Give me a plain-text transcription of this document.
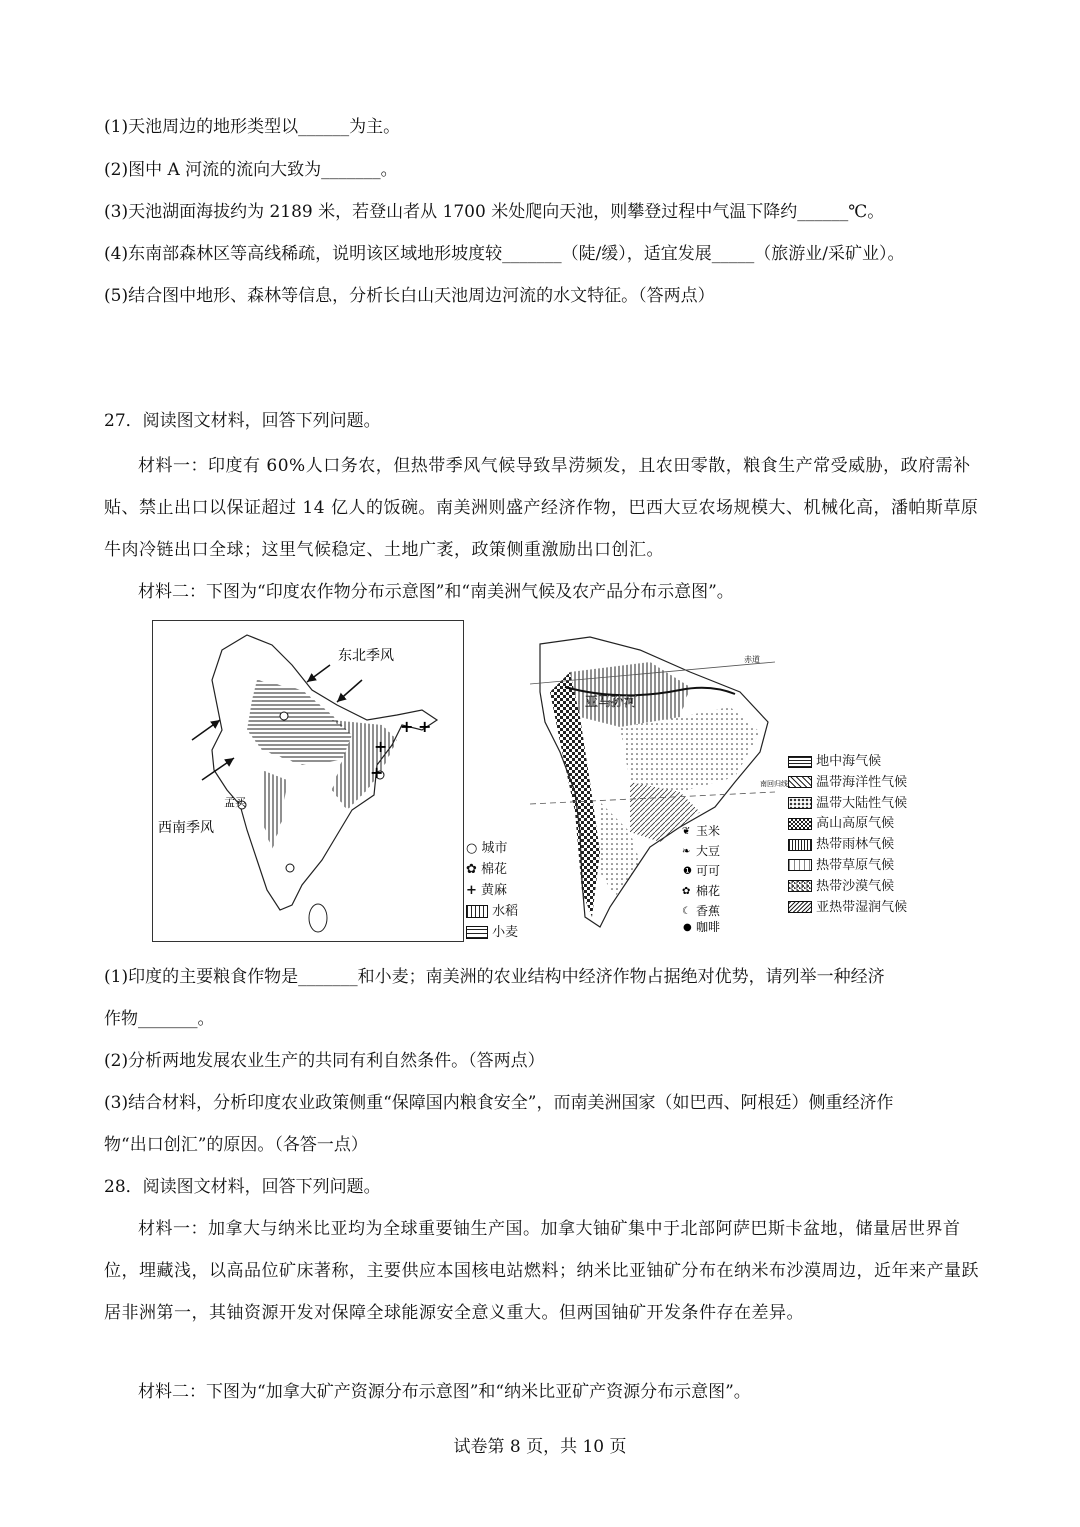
(1)天池周边的地形类型以______为主。
(2)图中 A 河流的流向大致为_______。
(3)天池湖面海拔约为 2189 米，若登山者从 1700 米处爬向天池，则攀登过程中气温下降约______℃。
(4)东南部森林区等高线稀疏，说明该区域地形坡度较_______（陡/缓），适宜发展_____（旅游业/采矿业）。
(5)结合图中地形、森林等信息，分析长白山天池周边河流的水文特征。（答两点）
27．阅读图文材料，回答下列问题。
材料一：印度有 60%人口务农，但热带季风气候导致旱涝频发，且农田零散，粮食生产常受威胁，政府需补贴、禁止出口以保证超过 14 亿人的饭碗。南美洲则盛产经济作物，巴西大豆农场规模大、机械化高，潘帕斯草原牛肉冷链出口全球；这里气候稳定、土地广袤，政策侧重激励出口创汇。
材料二：下图为“印度农作物分布示意图”和“南美洲气候及农产品分布示意图”。
+ +
+
+
东北季风
西南季风
孟买
○ 城市
✿ 棉花
+ 黄麻
水稻
小麦
亚马孙河
赤道
南回归线
❦ 玉米
❧ 大豆
❶ 可可
✿ 棉花
☾ 香蕉
● 咖啡
地中海气候
温带海洋性气候
温带大陆性气候
高山高原气候
热带雨林气候
热带草原气候
热带沙漠气候
亚热带湿润气候
(1)印度的主要粮食作物是_______和小麦；南美洲的农业结构中经济作物占据绝对优势，请列举一种经济
作物_______。
(2)分析两地发展农业生产的共同有利自然条件。（答两点）
(3)结合材料，分析印度农业政策侧重“保障国内粮食安全”，而南美洲国家（如巴西、阿根廷）侧重经济作
物“出口创汇”的原因。（各答一点）
28．阅读图文材料，回答下列问题。
材料一：加拿大与纳米比亚均为全球重要铀生产国。加拿大铀矿集中于北部阿萨巴斯卡盆地，储量居世界首位，埋藏浅，以高品位矿床著称，主要供应本国核电站燃料；纳米比亚铀矿分布在纳米布沙漠周边，近年来产量跃居非洲第一，其铀资源开发对保障全球能源安全意义重大。但两国铀矿开发条件存在差异。
材料二：下图为“加拿大矿产资源分布示意图”和“纳米比亚矿产资源分布示意图”。
试卷第 8 页，共 10 页
